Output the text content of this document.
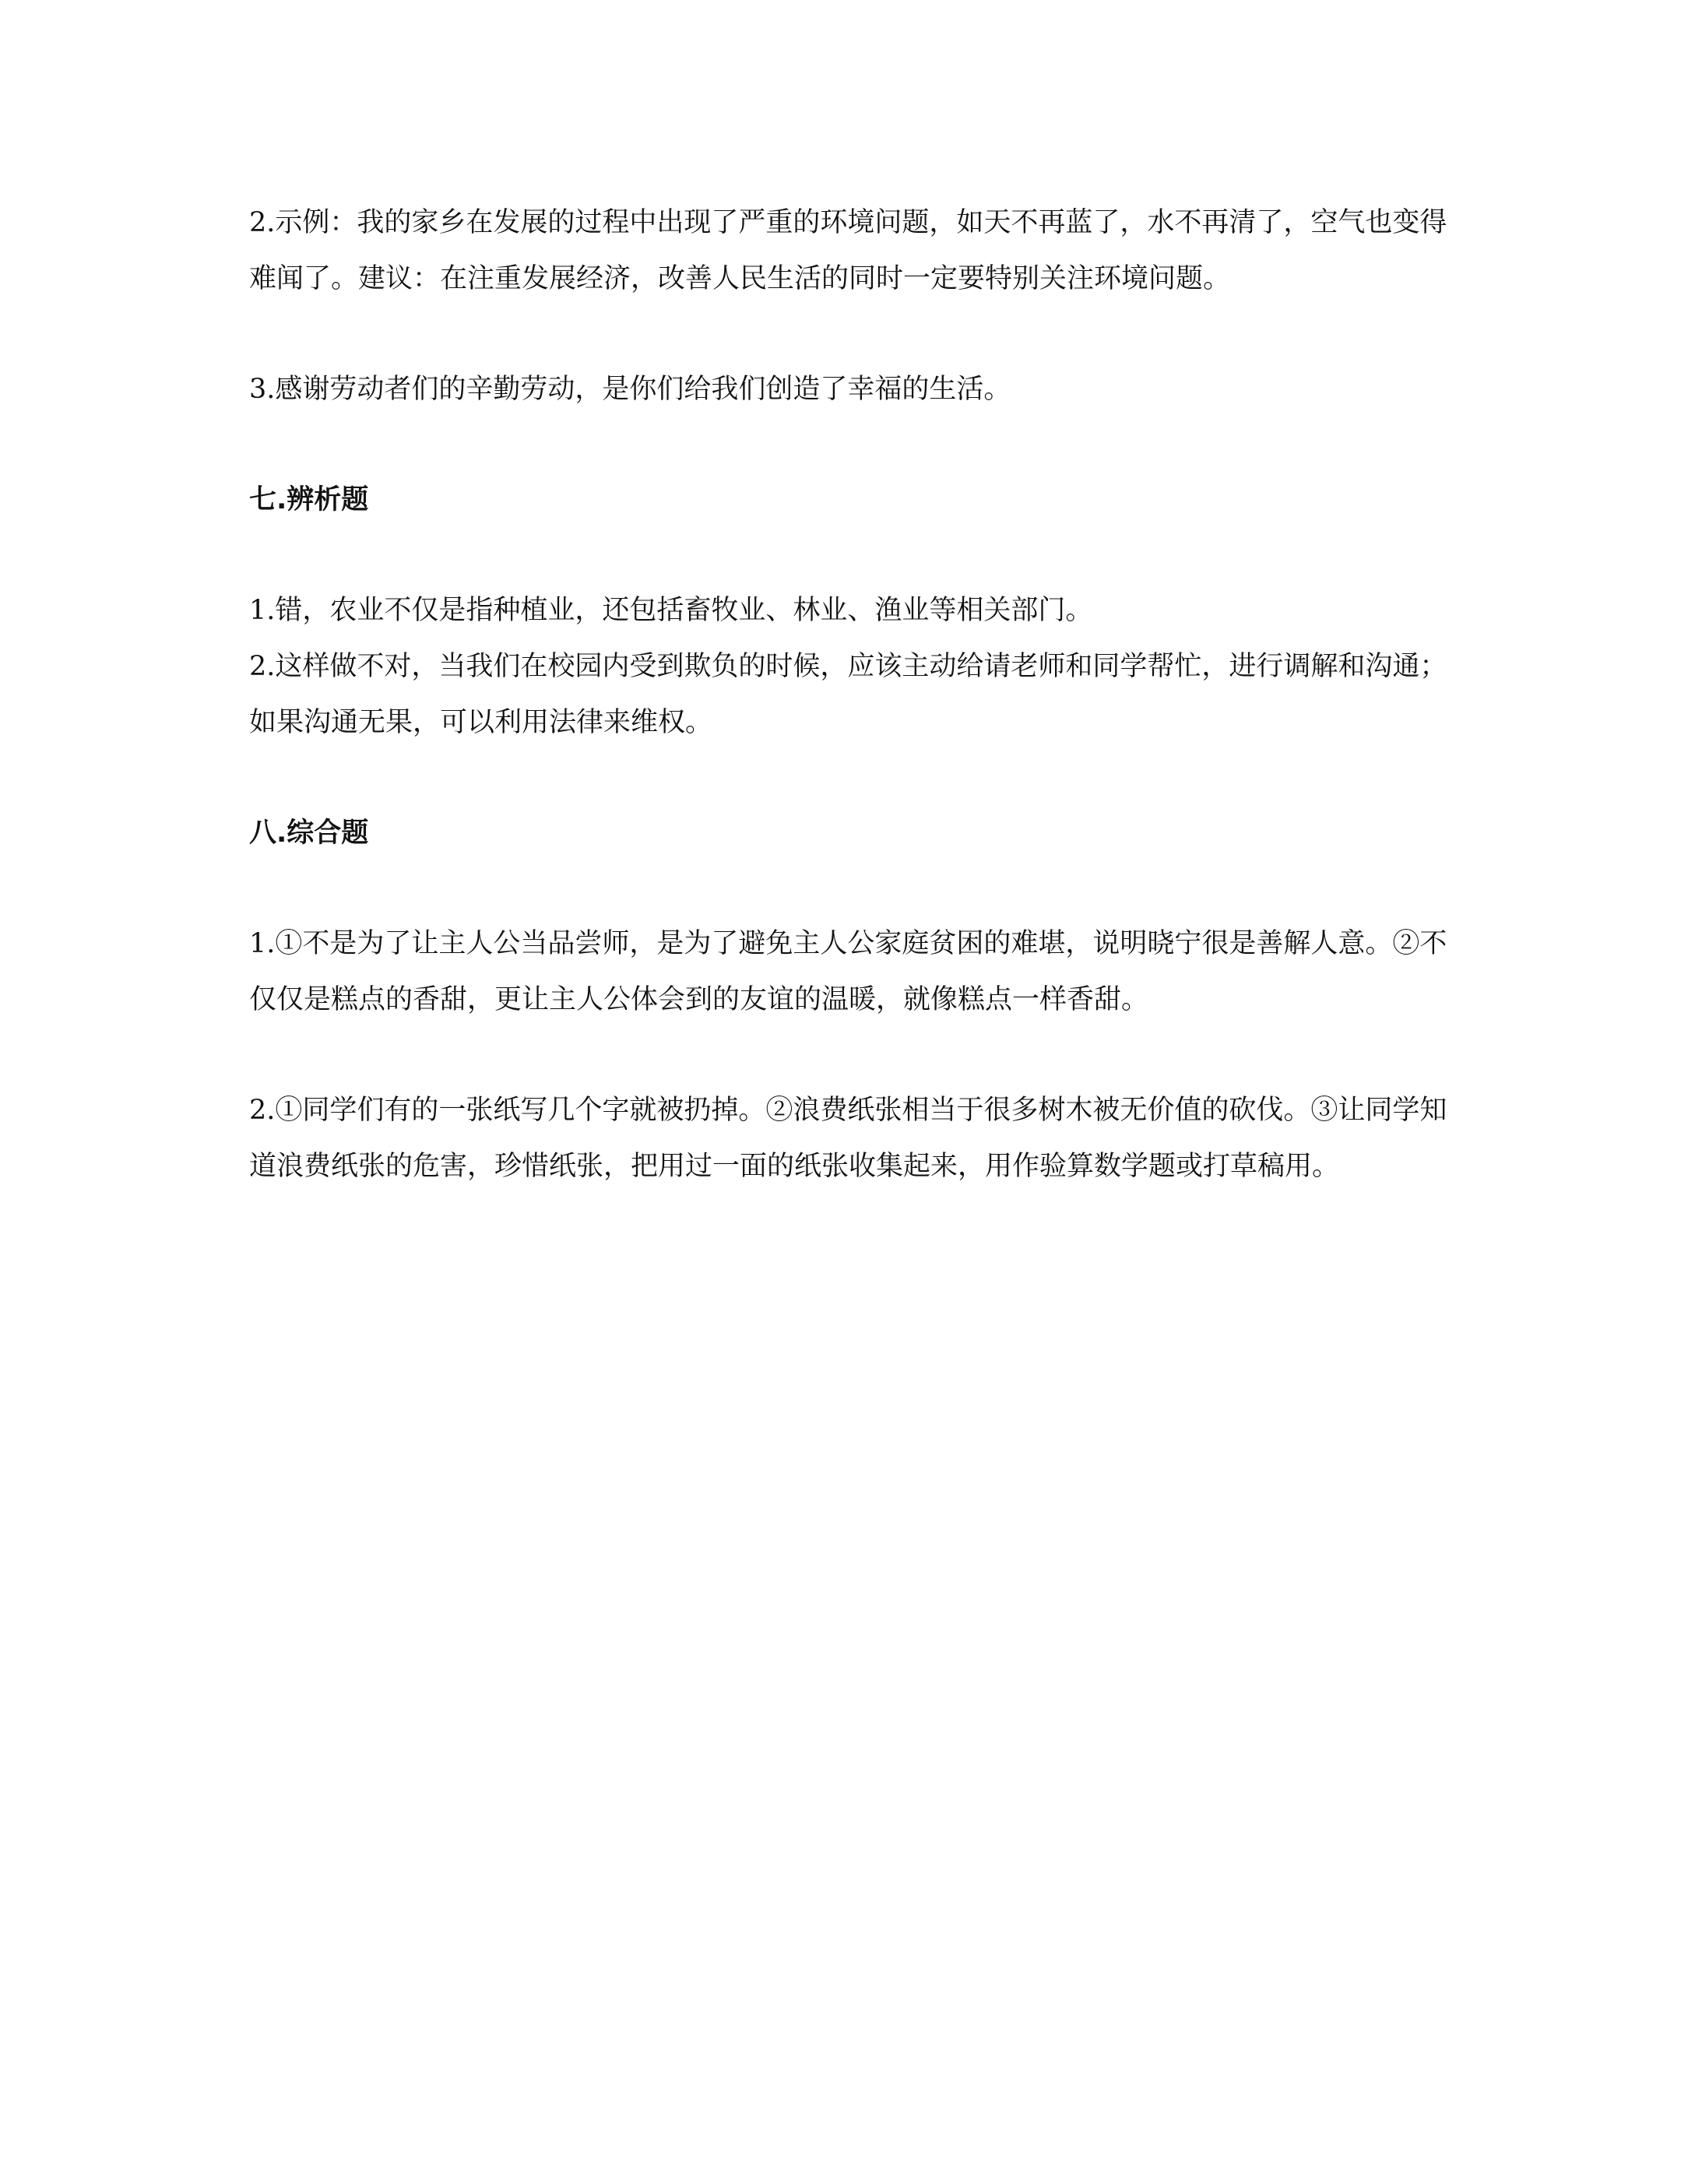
2.示例：我的家乡在发展的过程中出现了严重的环境问题，如天不再蓝了，水不再清了，空气也变得难闻了。建议：在注重发展经济，改善人民生活的同时一定要特别关注环境问题。

3.感谢劳动者们的辛勤劳动，是你们给我们创造了幸福的生活。

七.辨析题

1.错，农业不仅是指种植业，还包括畜牧业、林业、渔业等相关部门。

2.这样做不对，当我们在校园内受到欺负的时候，应该主动给请老师和同学帮忙，进行调解和沟通；如果沟通无果，可以利用法律来维权。

八.综合题

1.①不是为了让主人公当品尝师，是为了避免主人公家庭贫困的难堪，说明晓宁很是善解人意。②不仅仅是糕点的香甜，更让主人公体会到的友谊的温暖，就像糕点一样香甜。

2.①同学们有的一张纸写几个字就被扔掉。②浪费纸张相当于很多树木被无价值的砍伐。③让同学知道浪费纸张的危害，珍惜纸张，把用过一面的纸张收集起来，用作验算数学题或打草稿用。
